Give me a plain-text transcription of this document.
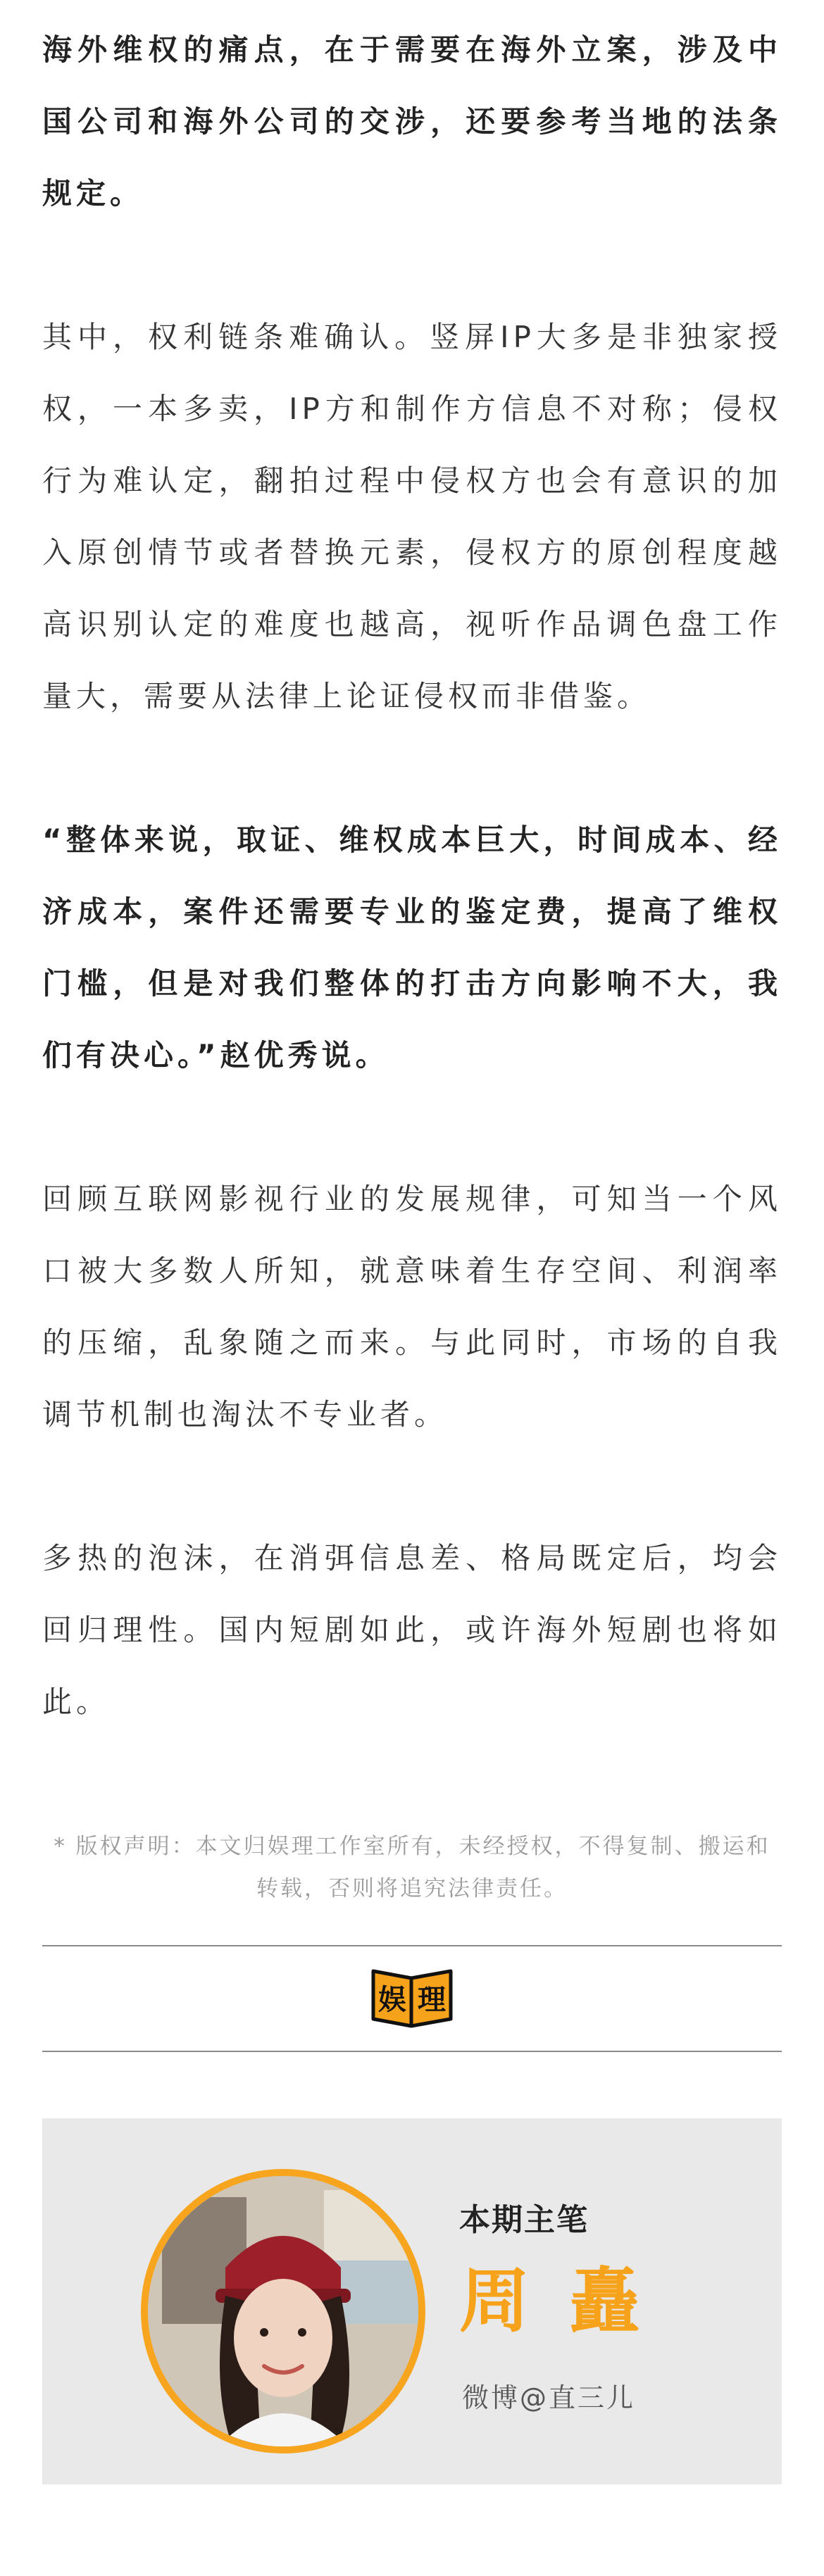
海外维权的痛点，在于需要在海外立案，涉及中国公司和海外公司的交涉，还要参考当地的法条规定。

其中，权利链条难确认。竖屏IP大多是非独家授权，一本多卖，IP方和制作方信息不对称；侵权行为难认定，翻拍过程中侵权方也会有意识的加入原创情节或者替换元素，侵权方的原创程度越高识别认定的难度也越高，视听作品调色盘工作量大，需要从法律上论证侵权而非借鉴。

“整体来说，取证、维权成本巨大，时间成本、经济成本，案件还需要专业的鉴定费，提高了维权门槛，但是对我们整体的打击方向影响不大，我们有决心。”赵优秀说。

回顾互联网影视行业的发展规律，可知当一个风口被大多数人所知，就意味着生存空间、利润率的压缩，乱象随之而来。与此同时，市场的自我调节机制也淘汰不专业者。

多热的泡沫，在消弭信息差、格局既定后，均会回归理性。国内短剧如此，或许海外短剧也将如此。

* 版权声明：本文归娱理工作室所有，未经授权，不得复制、搬运和转载，否则将追究法律责任。

娱 理

本期主笔

周矗

微博@直三儿
